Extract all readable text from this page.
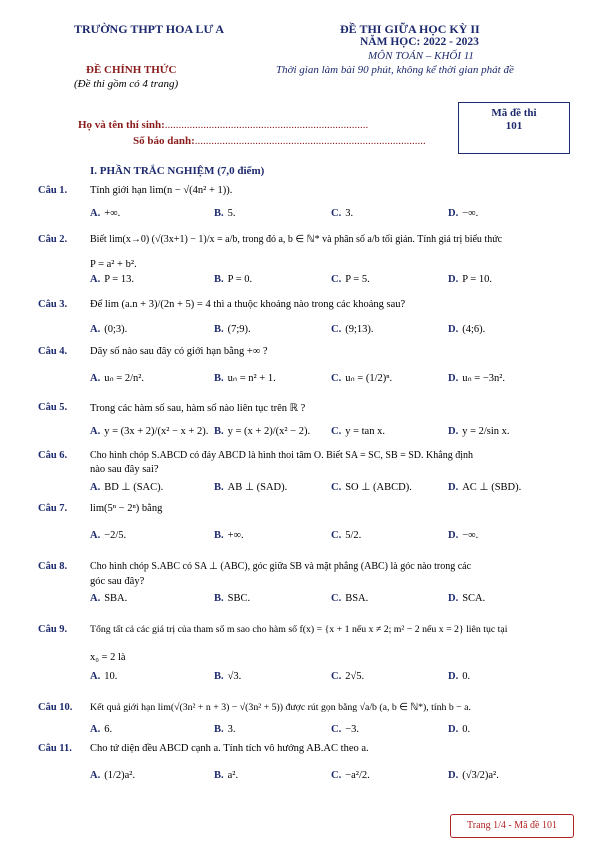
TRƯỜNG THPT HOA LƯ A	ĐỀ THI GIỮA HỌC KỲ II
NĂM HỌC: 2022 - 2023
MÔN TOÁN – KHỐI 11
ĐỀ CHÍNH THỨC	Thời gian làm bài 90 phút, không kể thời gian phát đề
(Đề thi gồm có 4 trang)
Họ và tên thí sinh:..........................................................................
Số báo danh:....................................................................................
Mã đề thi
101
I. PHẦN TRẮC NGHIỆM (7,0 điểm)
Câu 1. Tính giới hạn lim(n − √(4n² + 1)).
A. +∞.	B. 5.	C. 3.	D. −∞.
Câu 2. Biết lim(x→0) (√(3x+1) − 1)/x = a/b, trong đó a, b ∈ ℕ* và phân số a/b tối giản. Tính giá trị biểu thức
P = a² + b².
A. P = 13.	B. P = 0.	C. P = 5.	D. P = 10.
Câu 3. Để lim (a.n + 3)/(2n + 5) = 4 thì a thuộc khoảng nào trong các khoảng sau?
A. (0;3).	B. (7;9).	C. (9;13).	D. (4;6).
Câu 4. Dãy số nào sau đây có giới hạn bằng +∞ ?
A. uₙ = 2/n².	B. uₙ = n² + 1.	C. uₙ = (1/2)ⁿ.	D. uₙ = −3n².
Câu 5. Trong các hàm số sau, hàm số nào liên tục trên ℝ ?
A. y = (3x + 2)/(x² − x + 2). B. y = (x + 2)/(x² − 2). C. y = tan x.	D. y = 2/sin x.
Câu 6. Cho hình chóp S.ABCD có đáy ABCD là hình thoi tâm O. Biết SA = SC, SB = SD. Khẳng định
nào sau đây sai?
A. BD ⊥ (SAC).	B. AB ⊥ (SAD).	C. SO ⊥ (ABCD).	D. AC ⊥ (SBD).
Câu 7. lim(5ⁿ − 2ⁿ) bằng
A. −2/5.	B. +∞.	C. 5/2.	D. −∞.
Câu 8. Cho hình chóp S.ABC có SA ⊥ (ABC), góc giữa SB và mặt phẳng (ABC) là góc nào trong các
góc sau đây?
A. SBA.	B. SBC.	C. BSA.	D. SCA.
Câu 9. Tổng tất cả các giá trị của tham số m sao cho hàm số f(x) = {x + 1 nếu x ≠ 2; m² − 2 nếu x = 2} liên tục tại
x₀ = 2 là
A. 10.	B. √3.	C. 2√5.	D. 0.
Câu 10. Kết quả giới hạn lim(√(3n² + n + 3) − √(3n² + 5)) được rút gọn bằng √a/b (a, b ∈ ℕ*), tính b − a.
A. 6.	B. 3.	C. −3.	D. 0.
Câu 11. Cho tứ diện đều ABCD cạnh a. Tính tích vô hướng AB.AC theo a.
A. (1/2)a².	B. a².	C. −a²/2.	D. (√3/2)a².
Trang 1/4 - Mã đề 101
